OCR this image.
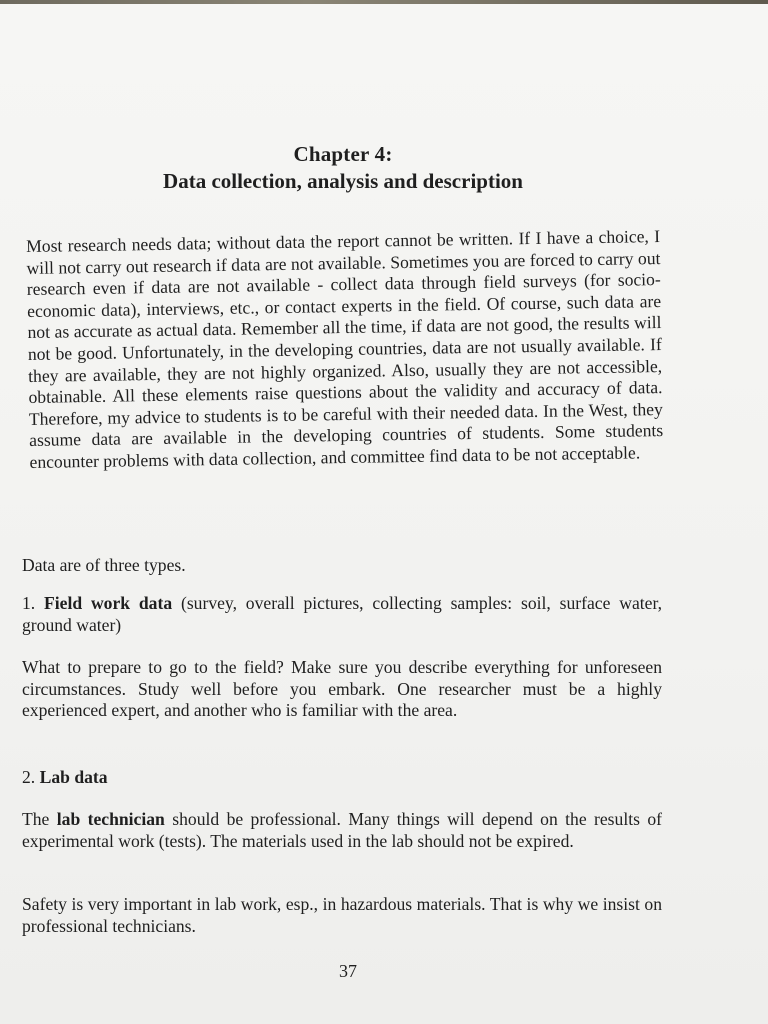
Chapter 4:
Data collection, analysis and description

Most research needs data; without data the report cannot be written. If I have a choice, I will not carry out research if data are not available. Sometimes you are forced to carry out research even if data are not available - collect data through field surveys (for socio-economic data), interviews, etc., or contact experts in the field. Of course, such data are not as accurate as actual data. Remember all the time, if data are not good, the results will not be good. Unfortunately, in the developing countries, data are not usually available. If they are available, they are not highly organized. Also, usually they are not accessible, obtainable. All these elements raise questions about the validity and accuracy of data. Therefore, my advice to students is to be careful with their needed data. In the West, they assume data are available in the developing countries of students. Some students encounter problems with data collection, and committee find data to be not acceptable.

Data are of three types.

1. Field work data (survey, overall pictures, collecting samples: soil, surface water, ground water)

What to prepare to go to the field? Make sure you describe everything for unforeseen circumstances. Study well before you embark. One researcher must be a highly experienced expert, and another who is familiar with the area.

2. Lab data

The lab technician should be professional. Many things will depend on the results of experimental work (tests). The materials used in the lab should not be expired.

Safety is very important in lab work, esp., in hazardous materials. That is why we insist on professional technicians.

37
